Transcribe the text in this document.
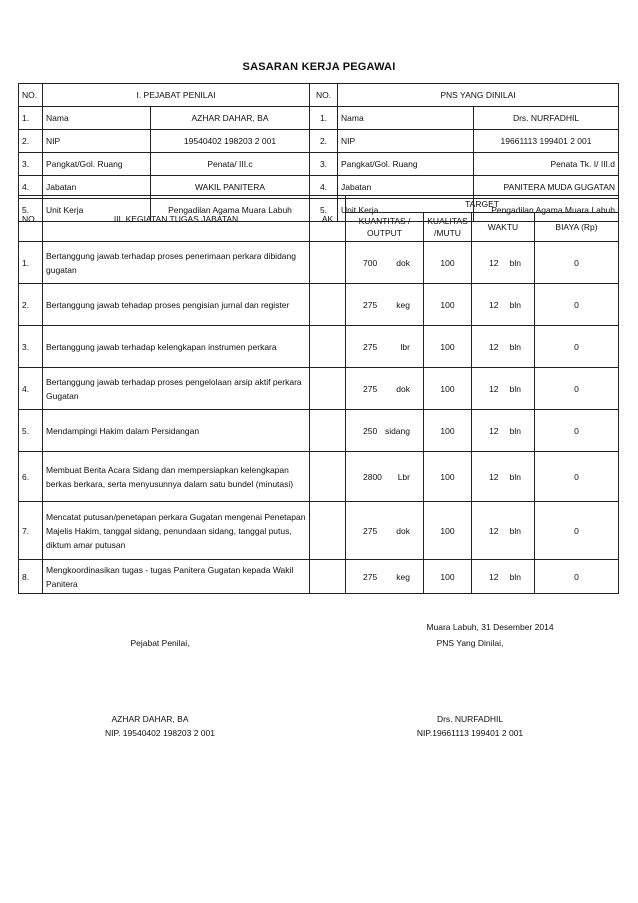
SASARAN KERJA PEGAWAI
NO.	I. PEJABAT PENILAI		NO.	PNS YANG DINILAI	
1.	Nama	AZHAR DAHAR, BA	1.	Nama	Drs. NURFADHIL
2.	NIP	19540402 198203 2 001	2.	NIP	19661113 199401 2 001
3.	Pangkat/Gol. Ruang	Penata/ III.c	3.	Pangkat/Gol. Ruang	Penata Tk. I/ III.d
4.	Jabatan	WAKIL PANITERA	4.	Jabatan	PANITERA MUDA GUGATAN
5.	Unit Kerja	Pengadilan Agama Muara Labuh	5.	Unit Kerja	Pengadilan Agama Muara Labuh
NO.	III. KEGIATAN TUGAS JABATAN	AK	TARGET			
			KUANTITAS / OUTPUT	KUALITAS /MUTU	WAKTU	BIAYA (Rp)
1.	Bertanggung jawab terhadap proses penerimaan perkara dibidang gugatan		700 dok	100	12 bln	0
2.	Bertanggung jawab tehadap proses pengisian jurnal dan register		275 keg	100	12 bln	0
3.	Bertanggung jawab terhadap kelengkapan instrumen perkara		275 lbr	100	12 bln	0
4.	Bertanggung jawab terhadap proses pengelolaan arsip aktif perkara Gugatan		275 dok	100	12 bln	0
5.	Mendampingi Hakim dalam Persidangan		250 sidang	100	12 bln	0
6.	Membuat Berita Acara Sidang dan mempersiapkan kelengkapan berkas berkara, serta menyusunnya dalam satu bundel (minutasi)		2800 Lbr	100	12 bln	0
7.	Mencatat putusan/penetapan perkara Gugatan mengenai Penetapan Majelis Hakim, tanggal sidang, penundaan sidang, tanggal putus, diktum amar putusan		275 dok	100	12 bln	0
8.	Mengkoordinasikan tugas - tugas Panitera Gugatan kepada Wakil Panitera		275 keg	100	12 bln	0
Muara Labuh, 31 Desember 2014
Pejabat Penilai,	PNS Yang Dinilai,
AZHAR DAHAR, BA
NIP. 19540402 198203 2 001
Drs. NURFADHIL
NIP.19661113 199401 2 001
